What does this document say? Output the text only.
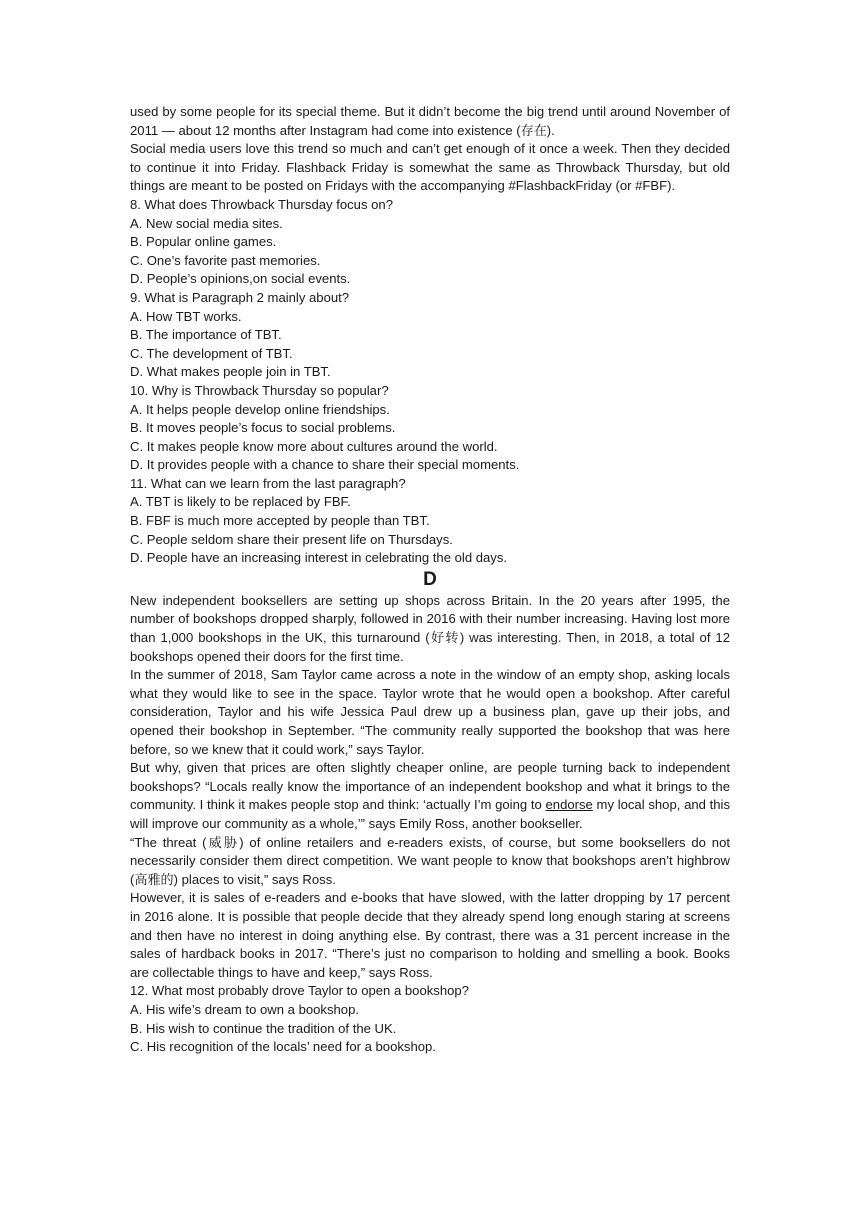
used by some people for its special theme. But it didn’t become the big trend until around November of 2011 — about 12 months after Instagram had come into existence (存在).

Social media users love this trend so much and can’t get enough of it once a week. Then they decided to continue it into Friday. Flashback Friday is somewhat the same as Throwback Thursday, but old things are meant to be posted on Fridays with the accompanying #FlashbackFriday (or #FBF).

8. What does Throwback Thursday focus on?

A. New social media sites.

B. Popular online games.

C. One’s favorite past memories.

D. People’s opinions,on social events.

9. What is Paragraph 2 mainly about?

A. How TBT works.

B. The importance of TBT.

C. The development of TBT.

D. What makes people join in TBT.

10. Why is Throwback Thursday so popular?

A. It helps people develop online friendships.

B. It moves people’s focus to social problems.

C. It makes people know more about cultures around the world.

D. It provides people with a chance to share their special moments.

11. What can we learn from the last paragraph?

A. TBT is likely to be replaced by FBF.

B. FBF is much more accepted by people than TBT.

C. People seldom share their present life on Thursdays.

D. People have an increasing interest in celebrating the old days.

D

New independent booksellers are setting up shops across Britain. In the 20 years after 1995, the number of bookshops dropped sharply, followed in 2016 with their number increasing. Having lost more than 1,000 bookshops in the UK, this turnaround (好转) was interesting. Then, in 2018, a total of 12 bookshops opened their doors for the first time.

In the summer of 2018, Sam Taylor came across a note in the window of an empty shop, asking locals what they would like to see in the space. Taylor wrote that he would open a bookshop. After careful consideration, Taylor and his wife Jessica Paul drew up a business plan, gave up their jobs, and opened their bookshop in September. “The community really supported the bookshop that was here before, so we knew that it could work,” says Taylor.

But why, given that prices are often slightly cheaper online, are people turning back to independent bookshops? “Locals really know the importance of an independent bookshop and what it brings to the community. I think it makes people stop and think: ‘actually I’m going to endorse my local shop, and this will improve our community as a whole,’” says Emily Ross, another bookseller.

“The threat (威胁) of online retailers and e-readers exists, of course, but some booksellers do not necessarily consider them direct competition. We want people to know that bookshops aren’t highbrow (高雅的) places to visit,” says Ross.

However, it is sales of e-readers and e-books that have slowed, with the latter dropping by 17 percent in 2016 alone. It is possible that people decide that they already spend long enough staring at screens and then have no interest in doing anything else. By contrast, there was a 31 percent increase in the sales of hardback books in 2017. “There’s just no comparison to holding and smelling a book. Books are collectable things to have and keep,” says Ross.

12. What most probably drove Taylor to open a bookshop?

A. His wife’s dream to own a bookshop.

B. His wish to continue the tradition of the UK.

C. His recognition of the locals’ need for a bookshop.
